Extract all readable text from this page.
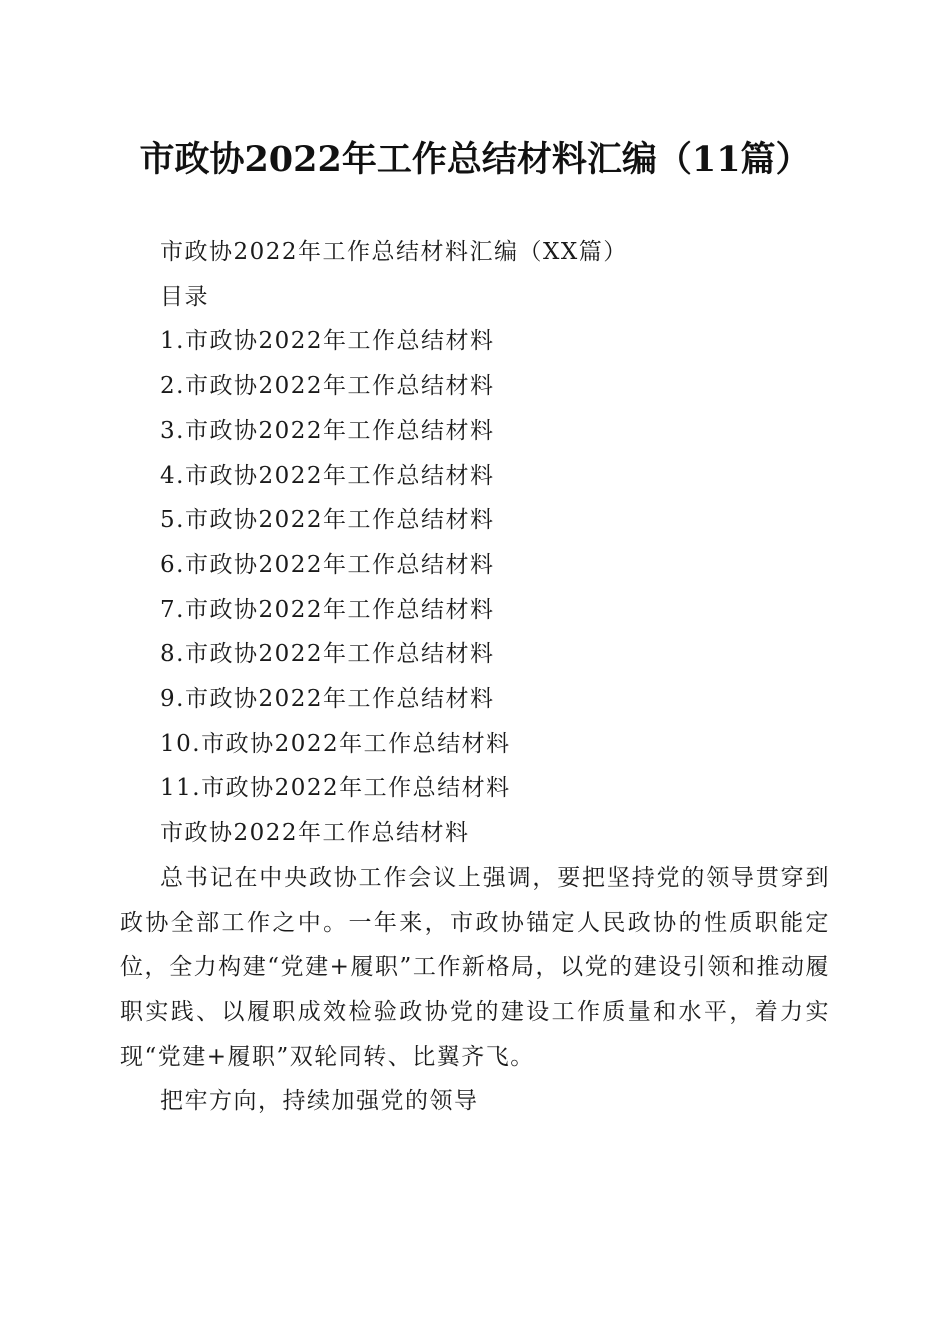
市政协2022年工作总结材料汇编（11篇）

市政协2022年工作总结材料汇编（XX篇）

目录

1.市政协2022年工作总结材料
2.市政协2022年工作总结材料
3.市政协2022年工作总结材料
4.市政协2022年工作总结材料
5.市政协2022年工作总结材料
6.市政协2022年工作总结材料
7.市政协2022年工作总结材料
8.市政协2022年工作总结材料
9.市政协2022年工作总结材料
10.市政协2022年工作总结材料
11.市政协2022年工作总结材料

市政协2022年工作总结材料

总书记在中央政协工作会议上强调，要把坚持党的领导贯穿到政协全部工作之中。一年来，市政协锚定人民政协的性质职能定位，全力构建“党建+履职”工作新格局，以党的建设引领和推动履职实践、以履职成效检验政协党的建设工作质量和水平，着力实现“党建+履职”双轮同转、比翼齐飞。

把牢方向，持续加强党的领导
